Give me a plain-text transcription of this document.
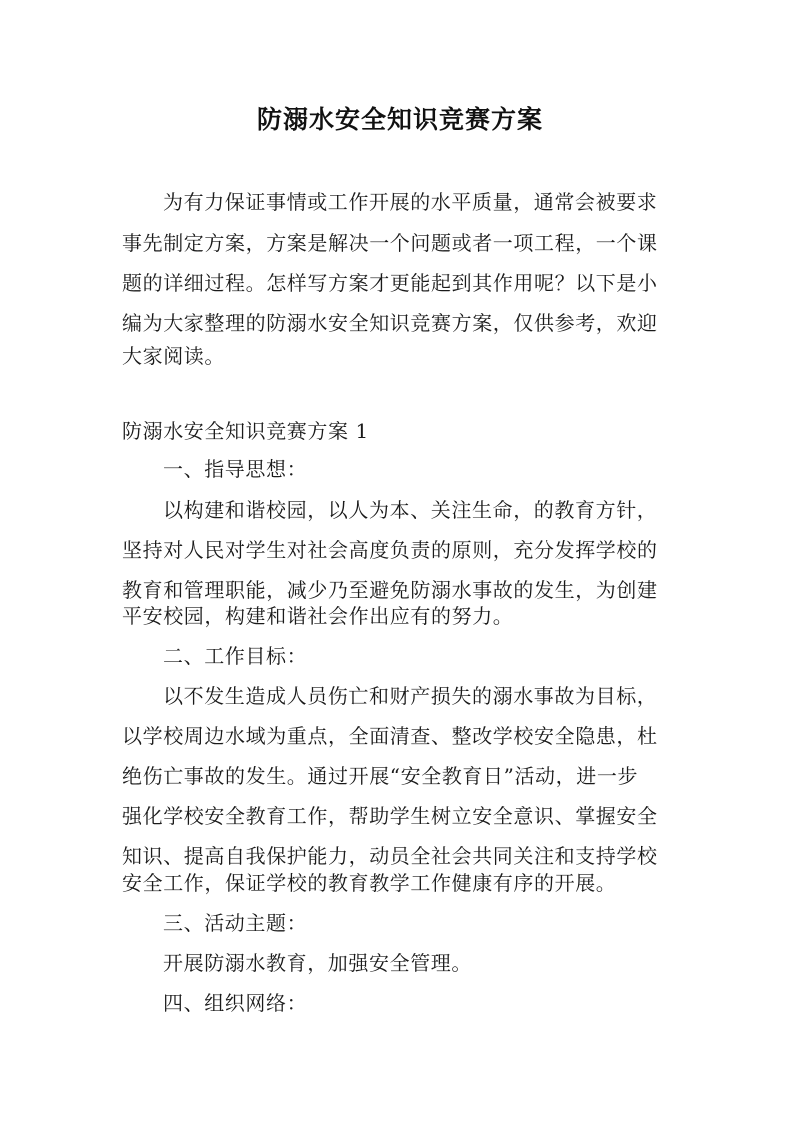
防溺水安全知识竞赛方案

为有力保证事情或工作开展的水平质量，通常会被要求

事先制定方案，方案是解决一个问题或者一项工程，一个课

题的详细过程。怎样写方案才更能起到其作用呢？以下是小

编为大家整理的防溺水安全知识竞赛方案，仅供参考，欢迎

大家阅读。

防溺水安全知识竞赛方案 1

一、指导思想：

以构建和谐校园，以人为本、关注生命，的教育方针，

坚持对人民对学生对社会高度负责的原则，充分发挥学校的

教育和管理职能，减少乃至避免防溺水事故的发生，为创建

平安校园，构建和谐社会作出应有的努力。

二、工作目标：

以不发生造成人员伤亡和财产损失的溺水事故为目标，

以学校周边水域为重点，全面清查、整改学校安全隐患，杜

绝伤亡事故的发生。通过开展“安全教育日”活动，进一步

强化学校安全教育工作，帮助学生树立安全意识、掌握安全

知识、提高自我保护能力，动员全社会共同关注和支持学校

安全工作，保证学校的教育教学工作健康有序的开展。

三、活动主题：

开展防溺水教育，加强安全管理。

四、组织网络：
